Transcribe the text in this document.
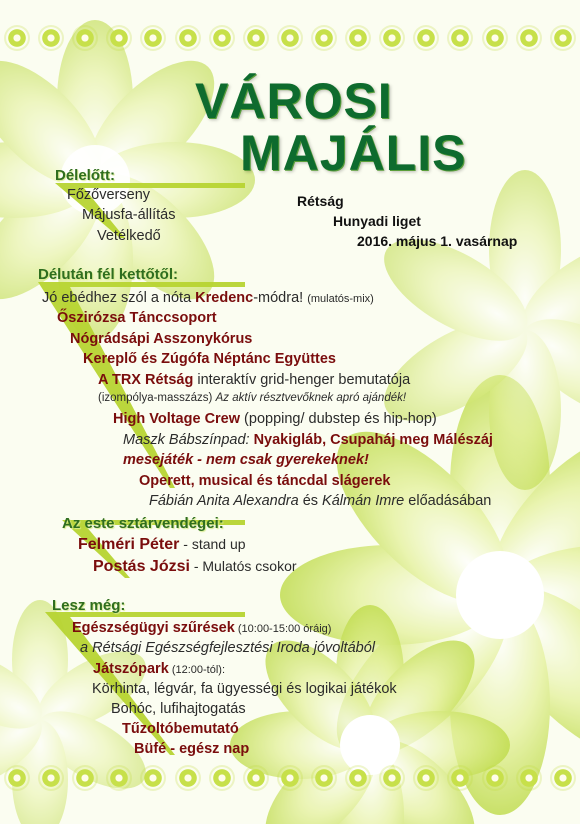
VÁROSI
MAJÁLIS
Rétság
Hunyadi liget
2016. május 1. vasárnap
Délelőtt:
Főzőverseny
Májusfa-állítás
Vetélkedő
Délután fél kettőtől:
Jó ebédhez szól a nóta Kredenc-módra! (mulatós-mix)
Őszirózsa Tánccsoport
Nógrádsápi Asszonykórus
Kereplő és Zúgófa Néptánc Együttes
A TRX Rétság interaktív grid-henger bemutatója
(izompólya-masszázs) Az aktív résztvevőknek apró ajándék!
High Voltage Crew (popping/ dubstep és hip-hop)
Maszk Bábszínpad: Nyakigláb, Csupaháj meg Málészáj
mesejáték - nem csak gyerekeknek!
Operett, musical és táncdal slágerek
Fábián Anita Alexandra és Kálmán Imre előadásában
Az este sztárvendégei:
Felméri Péter - stand up
Postás Józsi - Mulatós csokor
Lesz még:
Egészségügyi szűrések (10:00-15:00 óráig)
a Rétsági Egészségfejlesztési Iroda jóvoltából
Játszópark (12:00-tól):
Körhinta, légvár, fa ügyességi és logikai játékok
Bohóc, lufihajtogatás
Tűzoltóbemutató
Büfé - egész nap
